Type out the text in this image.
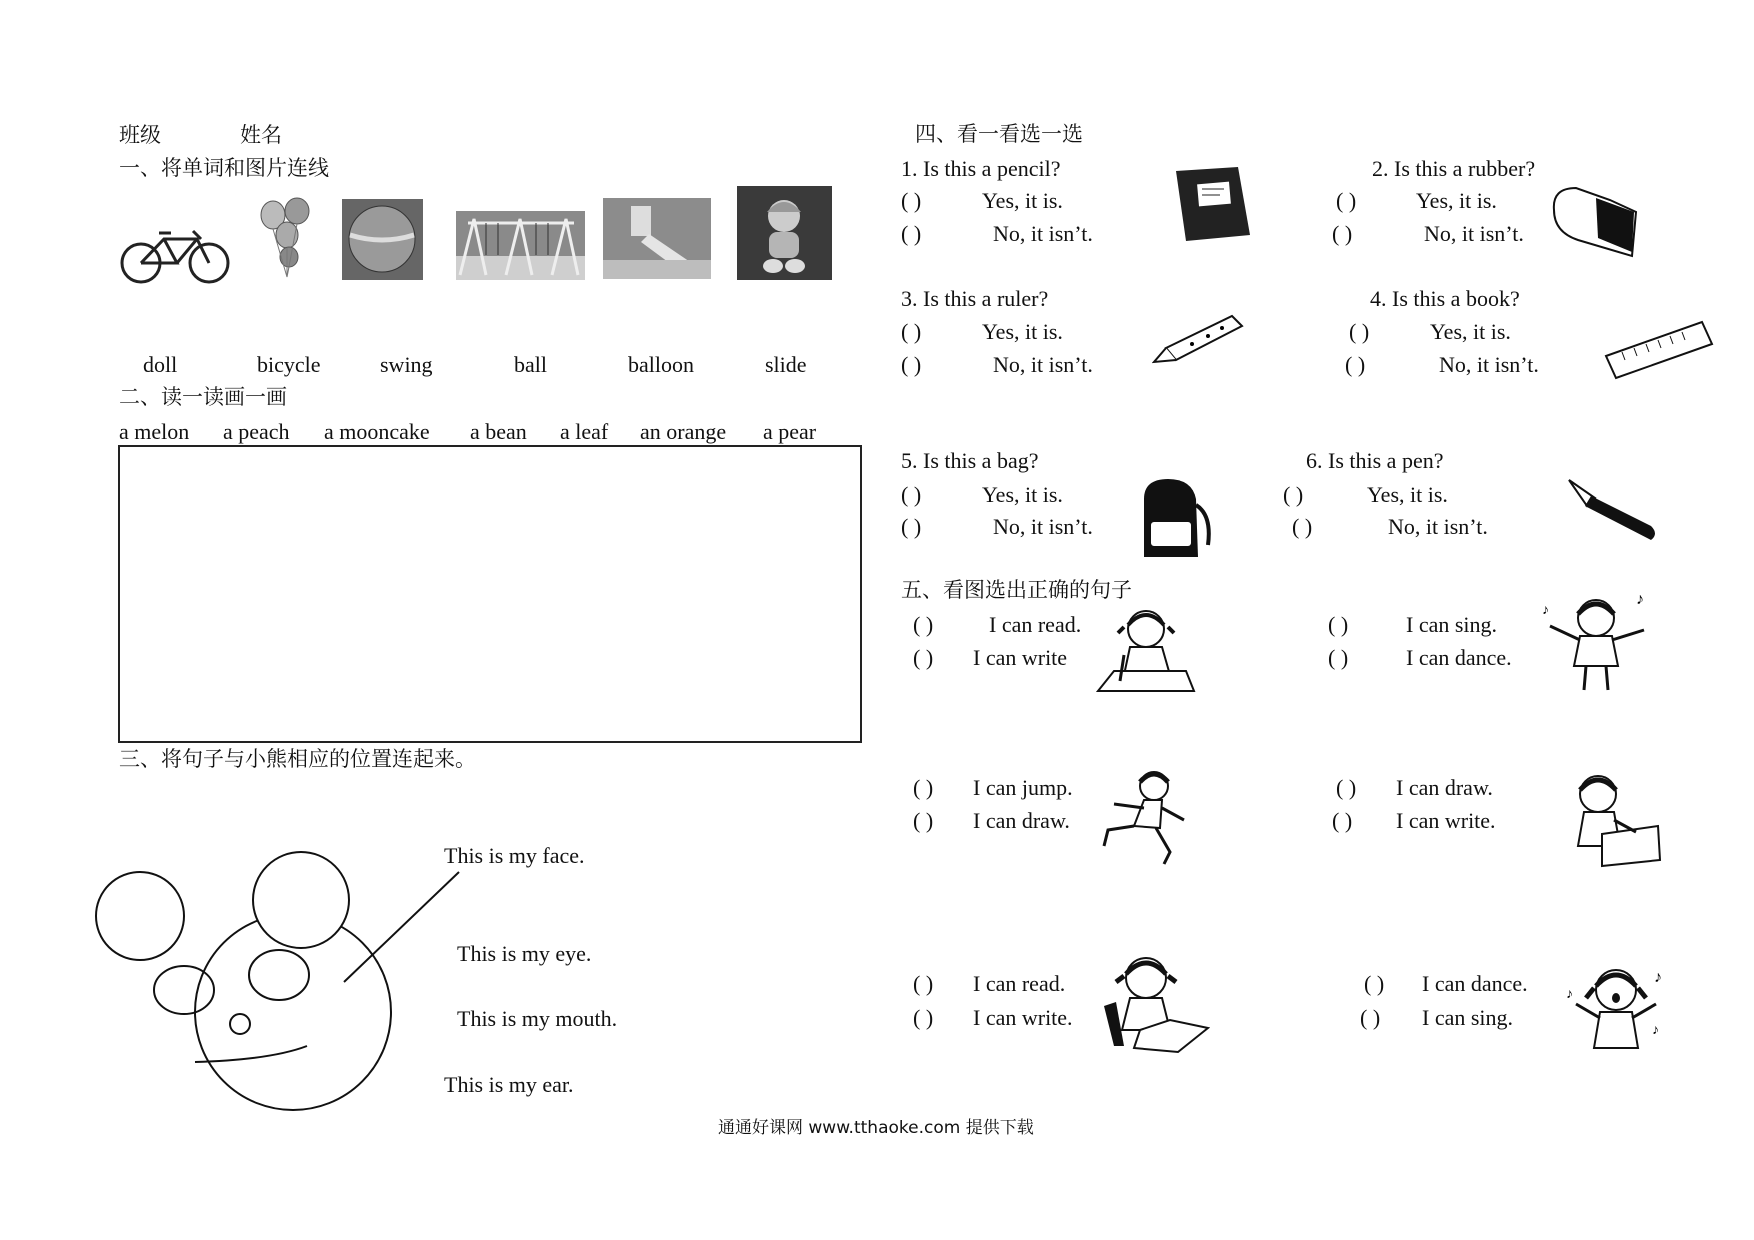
班级	姓名
一、将单词和图片连线
doll	bicycle	swing	ball	balloon	slide
二、读一读画一画
a melon a peach a mooncake a bean a leaf an orange a pear
三、将句子与小熊相应的位置连起来。
This is my face.
This is my eye.
This is my mouth.
This is my ear.
四、看一看选一选
1. Is this a pencil?
( )	Yes, it is.
( )	No, it isn’t.
2. Is this a rubber?
( )	Yes, it is.
( )	No, it isn’t.
3. Is this a ruler?
( )	Yes, it is.
( )	No, it isn’t.
4. Is this a book?
( )	Yes, it is.
( )	No, it isn’t.
5. Is this a bag?
( )	Yes, it is.
( )	No, it isn’t.
6. Is this a pen?
( )	Yes, it is.
( )	No, it isn’t.
五、看图选出正确的句子
( )	I can read.
( ) I can write
( )	I can sing.
( )	I can dance.
♪
♪
( ) I can jump.
( ) I can draw.
( ) I can draw.
( ) I can write.
( ) I can read.
( ) I can write.
( ) I can dance.
( ) I can sing.
♪
♪
♪
通通好课网 www.tthaoke.com 提供下载
